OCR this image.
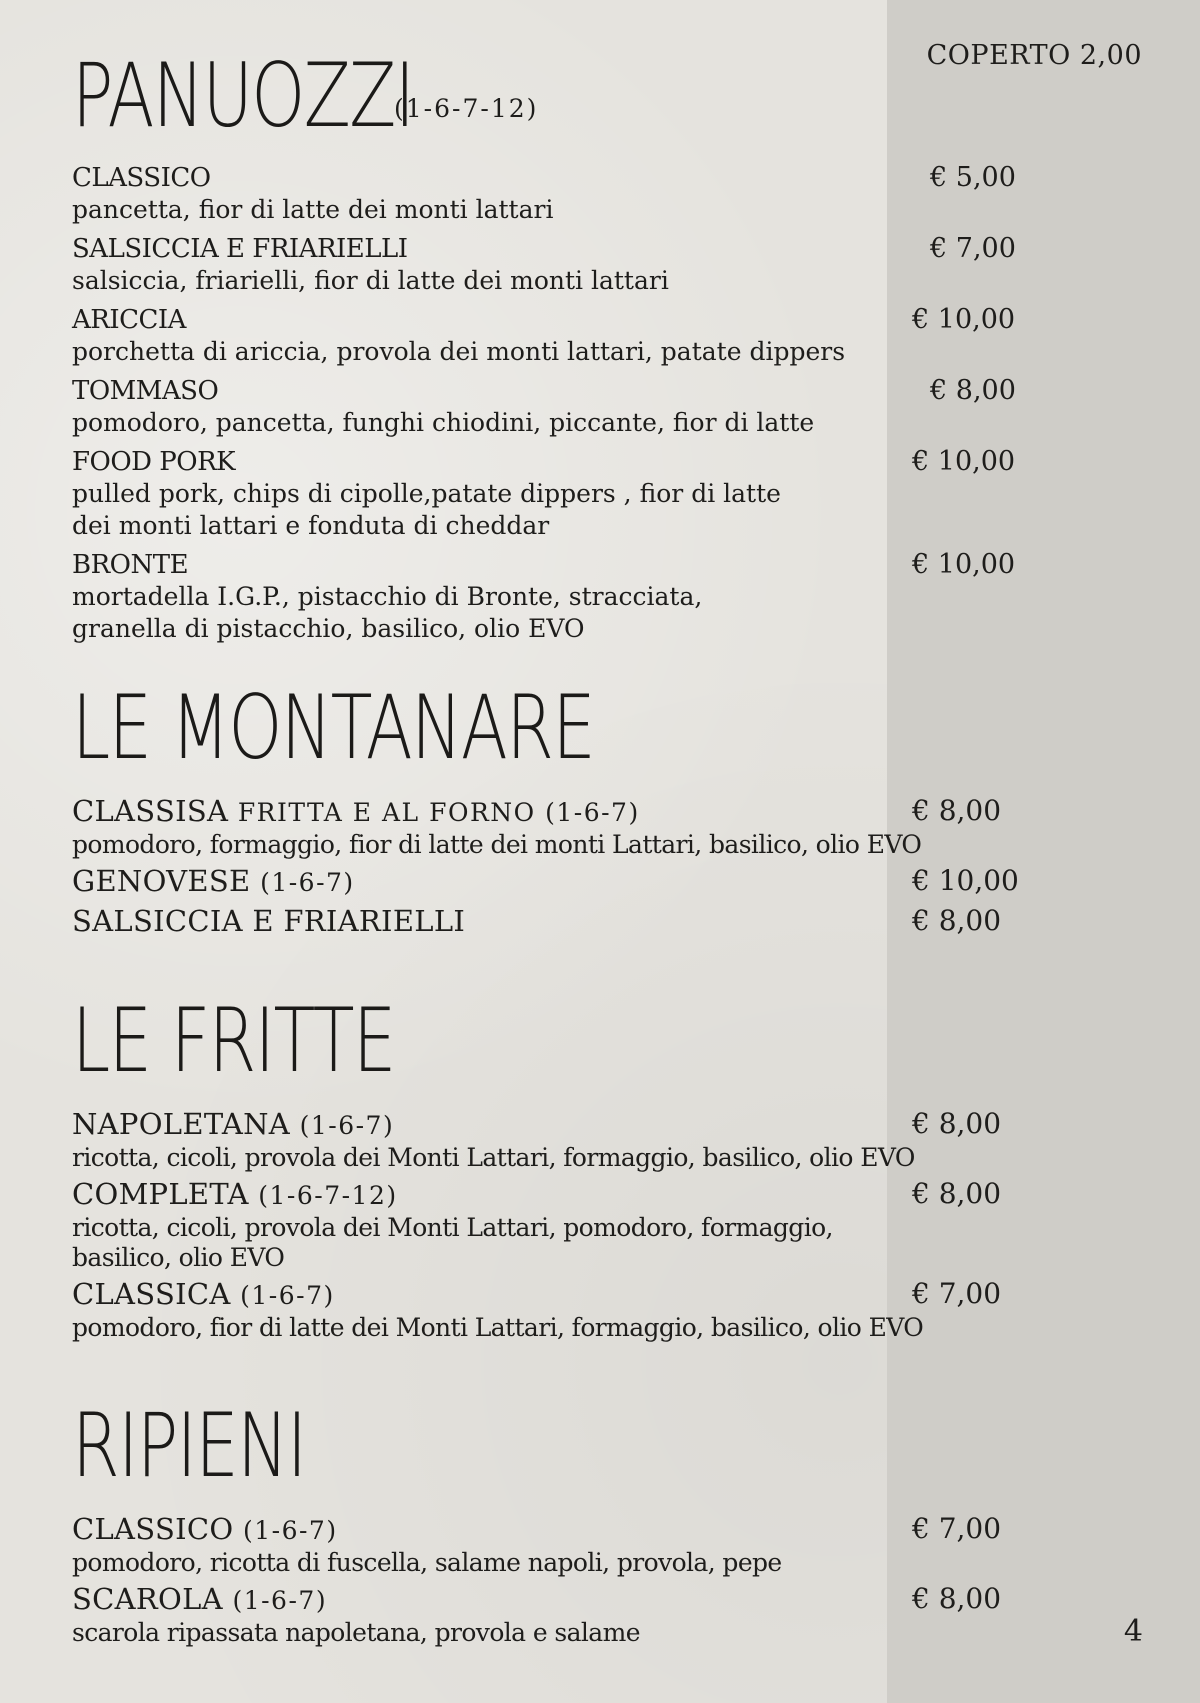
COPERTO 2,00

PANUOZZI

(1-6-7-12)

CLASSICO

pancetta, fior di latte dei monti lattari

€ 5,00

SALSICCIA E FRIARIELLI

salsiccia, friarielli, fior di latte dei monti lattari

€ 7,00

ARICCIA

porchetta di ariccia, provola dei monti lattari, patate dippers

€ 10,00

TOMMASO

pomodoro, pancetta, funghi chiodini, piccante, fior di latte

€ 8,00

FOOD PORK

pulled pork, chips di cipolle,patate dippers , fior di latte

dei monti lattari e fonduta di cheddar

€ 10,00

BRONTE

mortadella I.G.P., pistacchio di Bronte, stracciata,

granella di pistacchio, basilico, olio EVO

€ 10,00

LE MONTANARE

CLASSISA FRITTA E AL FORNO (1-6-7)

pomodoro, formaggio, fior di latte dei monti Lattari, basilico, olio EVO

€ 8,00

GENOVESE (1-6-7)	€ 10,00

SALSICCIA E FRIARIELLI	€ 8,00

LE FRITTE

NAPOLETANA (1-6-7)

ricotta, cicoli, provola dei Monti Lattari, formaggio, basilico, olio EVO

€ 8,00

COMPLETA (1-6-7-12)

ricotta, cicoli, provola dei Monti Lattari, pomodoro, formaggio,

basilico, olio EVO

€ 8,00

CLASSICA (1-6-7)

pomodoro, fior di latte dei Monti Lattari, formaggio, basilico, olio EVO

€ 7,00

RIPIENI

CLASSICO (1-6-7)

pomodoro, ricotta di fuscella, salame napoli, provola, pepe

€ 7,00

SCAROLA (1-6-7)

scarola ripassata napoletana, provola e salame

€ 8,00

4
